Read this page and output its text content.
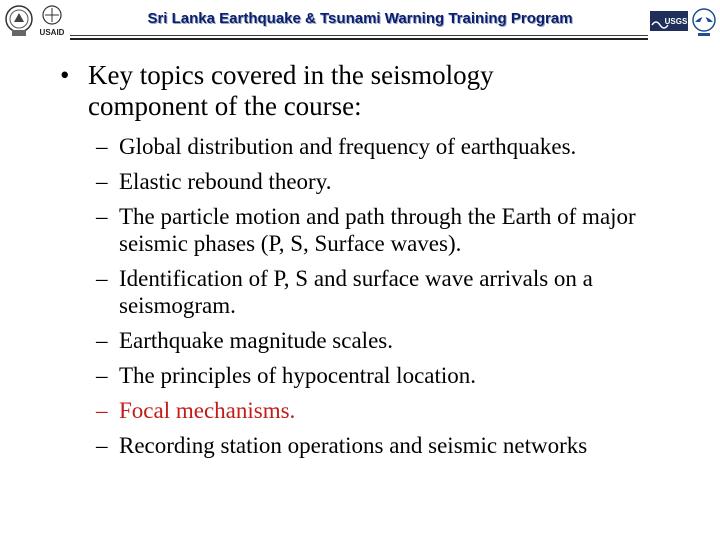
USAID
Sri Lanka Earthquake & Tsunami Warning Training Program	USGS
• Key topics covered in the seismology component of the course:
– Global distribution and frequency of earthquakes.
– Elastic rebound theory.
– The particle motion and path through the Earth of major seismic phases (P, S, Surface waves).
– Identification of P, S and surface wave arrivals on a seismogram.
– Earthquake magnitude scales.
– The principles of hypocentral location.
– Focal mechanisms.
– Recording station operations and seismic networks
